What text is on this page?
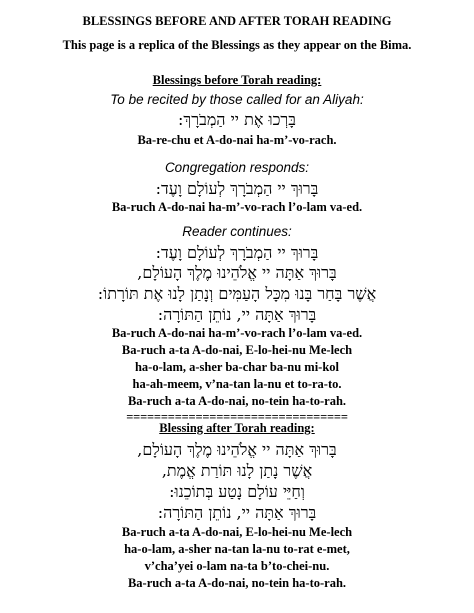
BLESSINGS BEFORE AND AFTER TORAH READING
This page is a replica of the Blessings as they appear on the Bima.
Blessings before Torah reading:
To be recited by those called for an Aliyah:
בָּרְכוּ אֶת יי הַמְבֹרָךְ:
Ba-re-chu et A-do-nai ha-m’-vo-rach.
Congregation responds:
בָּרוּךְ יי הַמְבֹרָךְ לְעוֹלָם וָעֶד:
Ba-ruch A-do-nai ha-m’-vo-rach l’o-lam va-ed.
Reader continues:
בָּרוּךְ יי הַמְבֹרָךְ לְעוֹלָם וָעֶד:
בָּרוּךְ אַתָּה יי אֱלֹהֵינוּ מֶלֶךְ הָעוֹלָם,
אֲשֶׁר בָּחַר בָּנוּ מִכָּל הָעַמִּים וְנָתַן לָנוּ אֶת תּוֹרָתוֹ:
בָּרוּךְ אַתָּה יי, נוֹתֵן הַתּוֹרָה:
Ba-ruch A-do-nai ha-m’-vo-rach l’o-lam va-ed.
Ba-ruch a-ta A-do-nai, E-lo-hei-nu Me-lech
ha-o-lam, a-sher ba-char ba-nu mi-kol
ha-ah-meem, v’na-tan la-nu et to-ra-to.
Ba-ruch a-ta A-do-nai, no-tein ha-to-rah.
================================
Blessing after Torah reading:
בָּרוּךְ אַתָּה יי אֱלֹהֵינוּ מֶלֶךְ הָעוֹלָם,
אֲשֶׁר נָתַן לָנוּ תּוֹרַת אֱמֶת,
וְחַיֵּי עוֹלָם נָטַע בְּתוֹכֵנוּ:
בָּרוּךְ אַתָּה יי, נוֹתֵן הַתּוֹרָה:
Ba-ruch a-ta A-do-nai, E-lo-hei-nu Me-lech
ha-o-lam, a-sher na-tan la-nu to-rat e-met,
v’cha’yei o-lam na-ta b’to-chei-nu.
Ba-ruch a-ta A-do-nai, no-tein ha-to-rah.
